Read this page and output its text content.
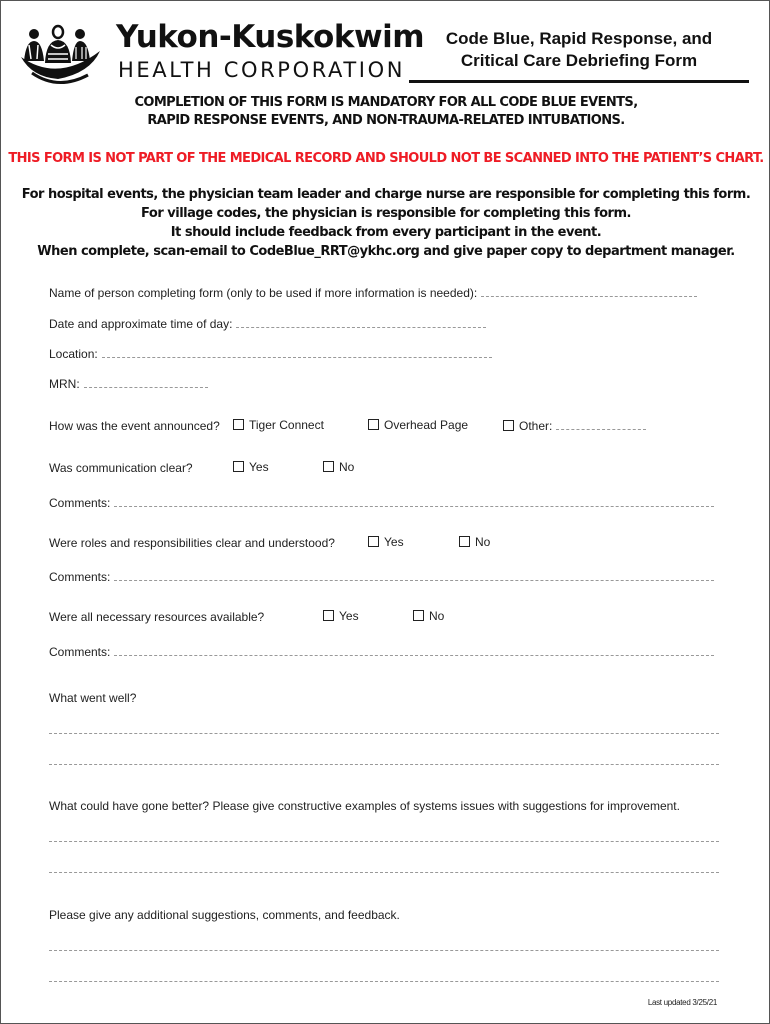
Yukon-Kuskokwim
HEALTH CORPORATION
Code Blue, Rapid Response, and
Critical Care Debriefing Form
COMPLETION OF THIS FORM IS MANDATORY FOR ALL CODE BLUE EVENTS,
RAPID RESPONSE EVENTS, AND NON-TRAUMA-RELATED INTUBATIONS.
THIS FORM IS NOT PART OF THE MEDICAL RECORD AND SHOULD NOT BE SCANNED INTO THE PATIENT’S CHART.
For hospital events, the physician team leader and charge nurse are responsible for completing this form.
For village codes, the physician is responsible for completing this form.
It should include feedback from every participant in the event.
When complete, scan-email to CodeBlue_RRT@ykhc.org and give paper copy to department manager.
Name of person completing form (only to be used if more information is needed):
Date and approximate time of day:
Location:
MRN:
How was the event announced?	Tiger Connect	Overhead Page	Other:
Was communication clear?	Yes	No
Comments:
Were roles and responsibilities clear and understood?	Yes	No
Comments:
Were all necessary resources available?	Yes	No
Comments:
What went well?
What could have gone better? Please give constructive examples of systems issues with suggestions for improvement.
Please give any additional suggestions, comments, and feedback.
Last updated 3/25/21
